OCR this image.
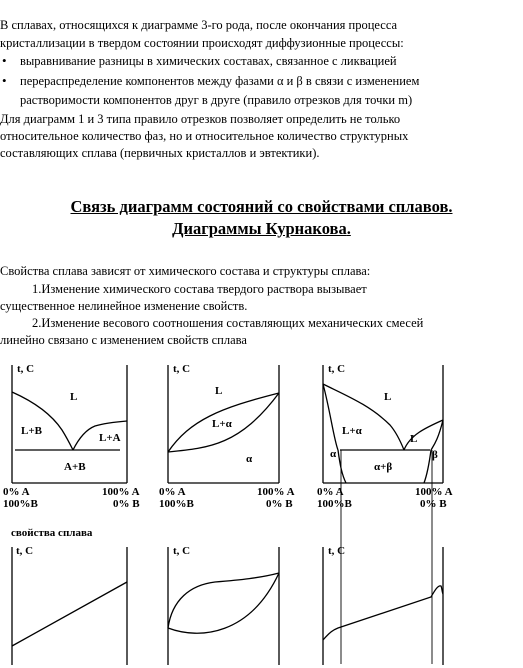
В сплавах, относящихся к диаграмме 3-го рода, после окончания процесса
кристаллизации в твердом состоянии происходят диффузионные процессы:
• выравнивание разницы в химических составах, связанное с ликвацией
• перераспределение компонентов между фазами α и β в связи с изменением
растворимости компонентов друг в друге (правило отрезков для точки m)
Для диаграмм 1 и 3 типа правило отрезков позволяет определить не только
относительное количество фаз, но и относительное количество структурных
составляющих сплава (первичных кристаллов и эвтектики).
Связь диаграмм состояний со свойствами сплавов.
Диаграммы Курнакова.
Свойства сплава зависят от химического состава и структуры сплава:
1.Изменение химического состава твердого раствора вызывает
существенное нелинейное изменение свойств.
2.Изменение весового соотношения составляющих механических смесей
линейно связано с изменением свойств сплава
t, C	t, C	t, C
t, C	t, C	t, C
L
L+B
L+A
A+B
L
L+α
α
L
L+α
L
α	β
α+β
0% A
100%B
100% A
0% B
0% A
100%B
100% A
0% B
0% A
100%B
100% A
0% B
свойства сплава
